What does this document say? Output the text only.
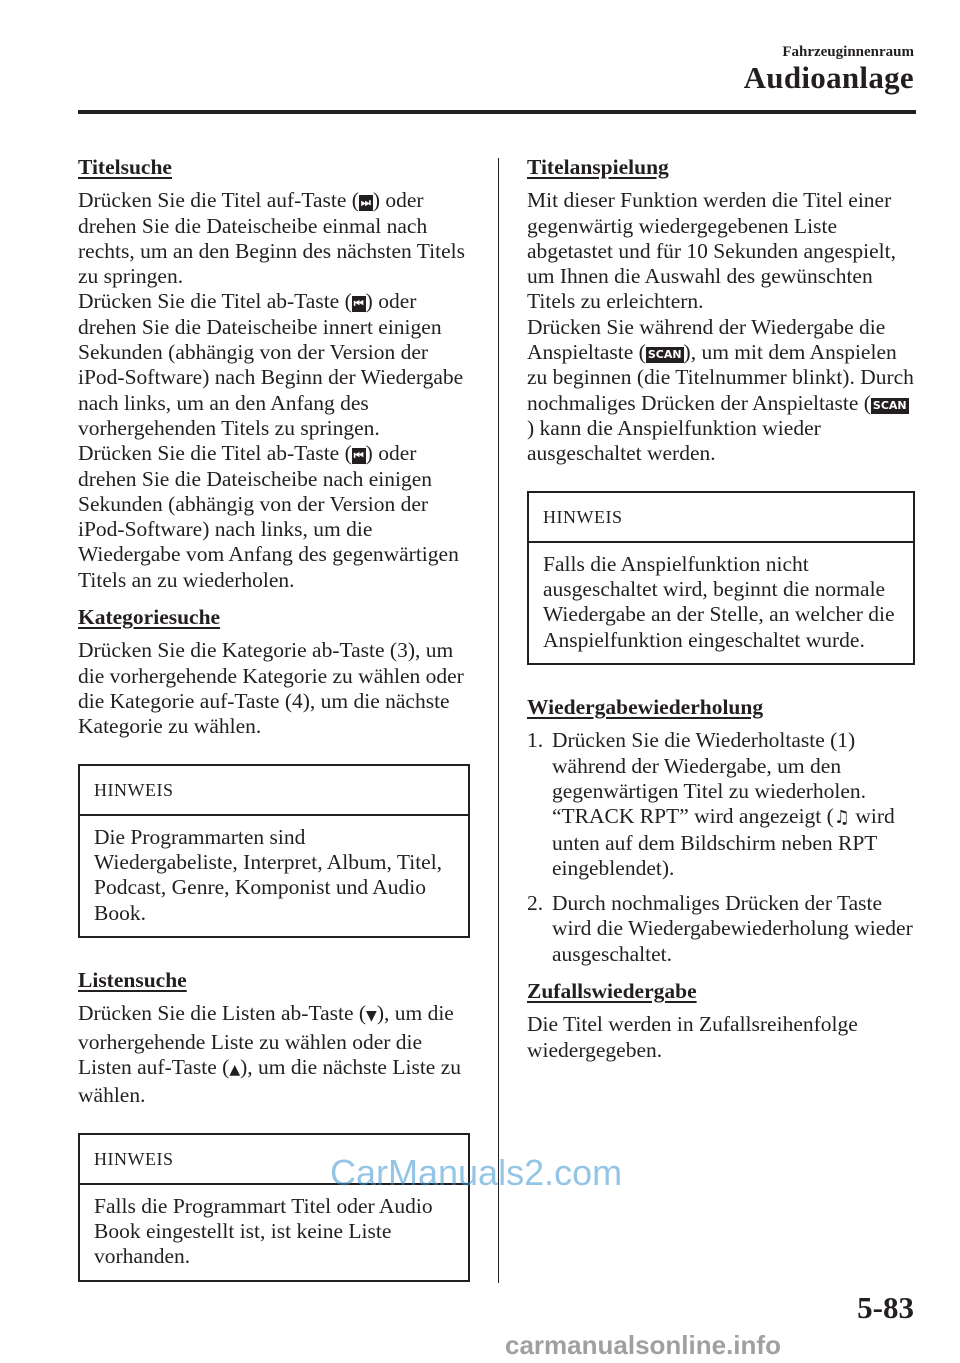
Fahrzeuginnenraum
Audioanlage
Titelsuche

Drücken Sie die Titel auf-Taste ( ⏭) oder drehen Sie die Dateischeibe einmal nach rechts, um an den Beginn des nächsten Titels zu springen.

Drücken Sie die Titel ab-Taste ( ⏮) oder drehen Sie die Dateischeibe innert einigen Sekunden (abhängig von der Version der iPod-Software) nach Beginn der Wiedergabe nach links, um an den Anfang des vorhergehenden Titels zu springen.

Drücken Sie die Titel ab-Taste ( ⏮) oder drehen Sie die Dateischeibe nach einigen Sekunden (abhängig von der Version der iPod-Software) nach links, um die Wiedergabe vom Anfang des gegenwärtigen Titels an zu wiederholen.

Kategoriesuche

Drücken Sie die Kategorie ab-Taste (3), um die vorhergehende Kategorie zu wählen oder die Kategorie auf-Taste (4), um die nächste Kategorie zu wählen.

HINWEIS
Die Programmarten sind Wiedergabeliste, Interpret, Album, Titel, Podcast, Genre, Komponist und Audio Book.
Listensuche

Drücken Sie die Listen ab-Taste (▼), um die vorhergehende Liste zu wählen oder die Listen auf-Taste (▲), um die nächste Liste zu wählen.

HINWEIS
Falls die Programmart Titel oder Audio Book eingestellt ist, ist keine Liste vorhanden.
Titelanspielung

Mit dieser Funktion werden die Titel einer gegenwärtig wiedergegebenen Liste abgetastet und für 10 Sekunden angespielt, um Ihnen die Auswahl des gewünschten Titels zu erleichtern.

Drücken Sie während der Wiedergabe die Anspieltaste ( SCAN), um mit dem Anspielen zu beginnen (die Titelnummer blinkt). Durch nochmaliges Drücken der Anspieltaste ( SCAN) kann die Anspielfunktion wieder ausgeschaltet werden.

HINWEIS
Falls die Anspielfunktion nicht ausgeschaltet wird, beginnt die normale Wiedergabe an der Stelle, an welcher die Anspielfunktion eingeschaltet wurde.
Wiedergabewiederholung
1. Drücken Sie die Wiederholtaste (1) während der Wiedergabe, um den gegenwärtigen Titel zu wiederholen. “TRACK RPT” wird angezeigt (♫ wird unten auf dem Bildschirm neben RPT eingeblendet).
2. Durch nochmaliges Drücken der Taste wird die Wiedergabewiederholung wieder ausgeschaltet.
Zufallswiedergabe

Die Titel werden in Zufallsreihenfolge wiedergegeben.

CarManuals2.com
5-83
carmanualsonline.info
